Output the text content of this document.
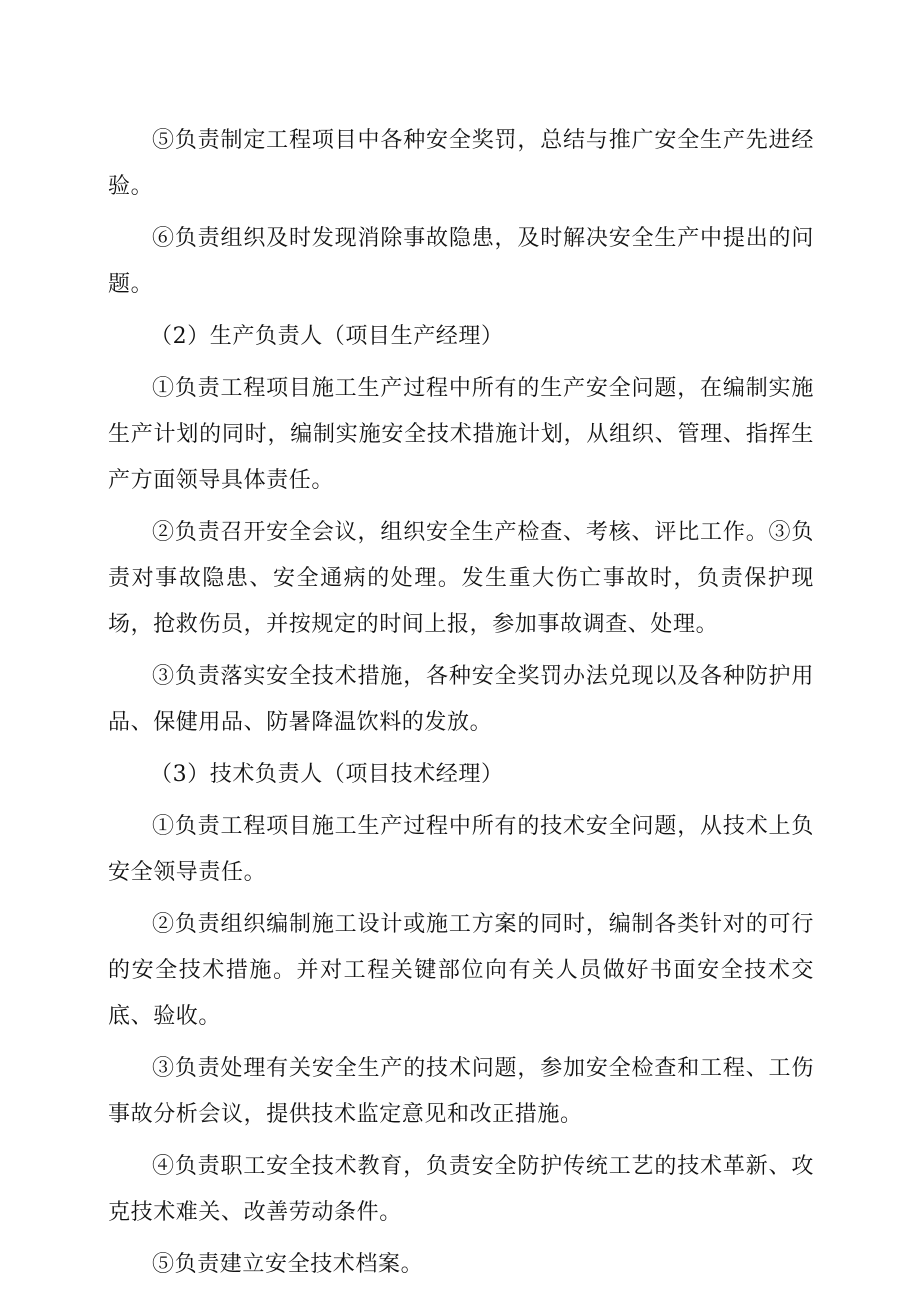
⑤负责制定工程项目中各种安全奖罚，总结与推广安全生产先进经验。

⑥负责组织及时发现消除事故隐患，及时解决安全生产中提出的问题。

（2）生产负责人（项目生产经理）

①负责工程项目施工生产过程中所有的生产安全问题，在编制实施生产计划的同时，编制实施安全技术措施计划，从组织、管理、指挥生产方面领导具体责任。

②负责召开安全会议，组织安全生产检查、考核、评比工作。③负责对事故隐患、安全通病的处理。发生重大伤亡事故时，负责保护现场，抢救伤员，并按规定的时间上报，参加事故调查、处理。

③负责落实安全技术措施，各种安全奖罚办法兑现以及各种防护用品、保健用品、防暑降温饮料的发放。

（3）技术负责人（项目技术经理）

①负责工程项目施工生产过程中所有的技术安全问题，从技术上负安全领导责任。

②负责组织编制施工设计或施工方案的同时，编制各类针对的可行的安全技术措施。并对工程关键部位向有关人员做好书面安全技术交底、验收。

③负责处理有关安全生产的技术问题，参加安全检查和工程、工伤事故分析会议，提供技术监定意见和改正措施。

④负责职工安全技术教育，负责安全防护传统工艺的技术革新、攻克技术难关、改善劳动条件。

⑤负责建立安全技术档案。
